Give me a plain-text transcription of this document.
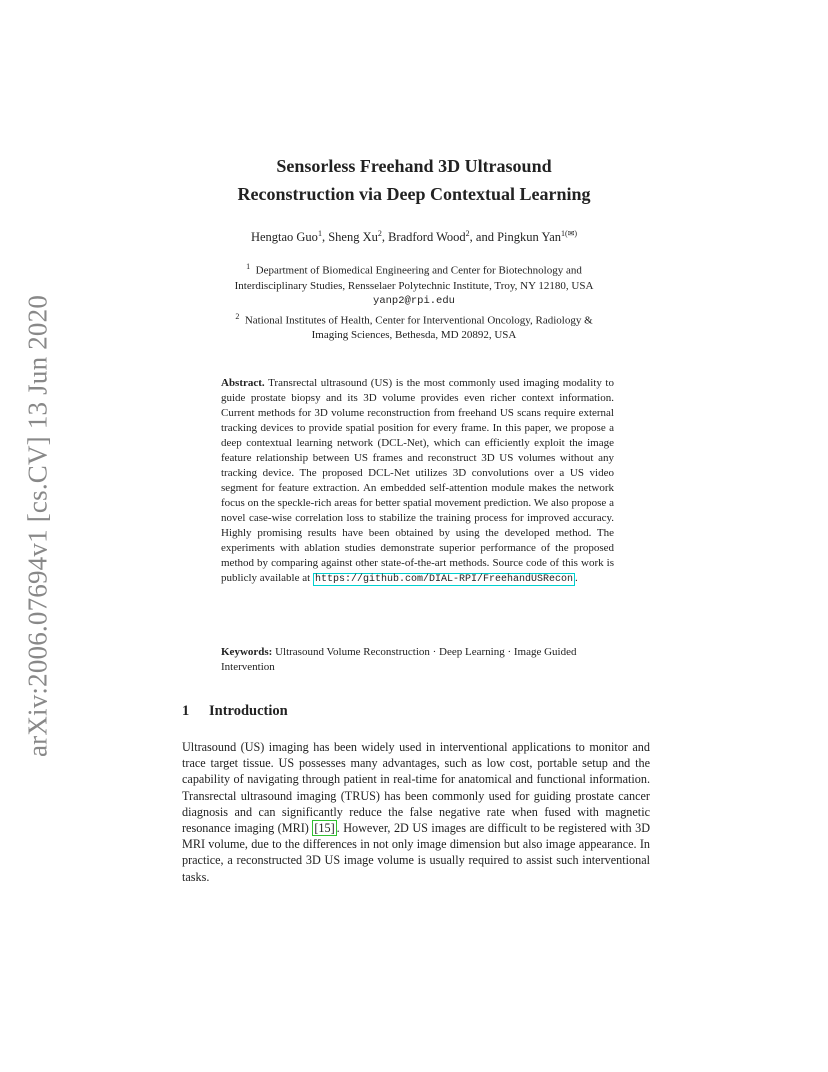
arXiv:2006.07694v1 [cs.CV] 13 Jun 2020
Sensorless Freehand 3D Ultrasound
Reconstruction via Deep Contextual Learning
Hengtao Guo$^1$, Sheng Xu$^2$, Bradford Wood$^2$, and Pingkun Yan$^{1(✉)}$
$^1$ Department of Biomedical Engineering and Center for Biotechnology and
Interdisciplinary Studies, Rensselaer Polytechnic Institute, Troy, NY 12180, USA
yanp2@rpi.edu
$^2$ National Institutes of Health, Center for Interventional Oncology, Radiology &
Imaging Sciences, Bethesda, MD 20892, USA
Abstract. Transrectal ultrasound (US) is the most commonly used imaging modality to guide prostate biopsy and its 3D volume provides even richer context information. Current methods for 3D volume reconstruction from freehand US scans require external tracking devices to provide spatial position for every frame. In this paper, we propose a deep contextual learning network (DCL-Net), which can efficiently exploit the image feature relationship between US frames and reconstruct 3D US volumes without any tracking device. The proposed DCL-Net utilizes 3D convolutions over a US video segment for feature extraction. An embedded self-attention module makes the network focus on the speckle-rich areas for better spatial movement prediction. We also propose a novel case-wise correlation loss to stabilize the training process for improved accuracy. Highly promising results have been obtained by using the developed method. The experiments with ablation studies demonstrate superior performance of the proposed method by comparing against other state-of-the-art methods. Source code of this work is publicly available at https://github.com/DIAL-RPI/FreehandUSRecon .
Keywords: Ultrasound Volume Reconstruction · Deep Learning · Image Guided Intervention
1 Introduction
Ultrasound (US) imaging has been widely used in interventional applications to monitor and trace target tissue. US possesses many advantages, such as low cost, portable setup and the capability of navigating through patient in real-time for anatomical and functional information. Transrectal ultrasound imaging (TRUS) has been commonly used for guiding prostate cancer diagnosis and can significantly reduce the false negative rate when fused with magnetic resonance imaging (MRI) [15] . However, 2D US images are difficult to be registered with 3D MRI volume, due to the differences in not only image dimension but also image appearance. In practice, a reconstructed 3D US image volume is usually required to assist such interventional tasks.
